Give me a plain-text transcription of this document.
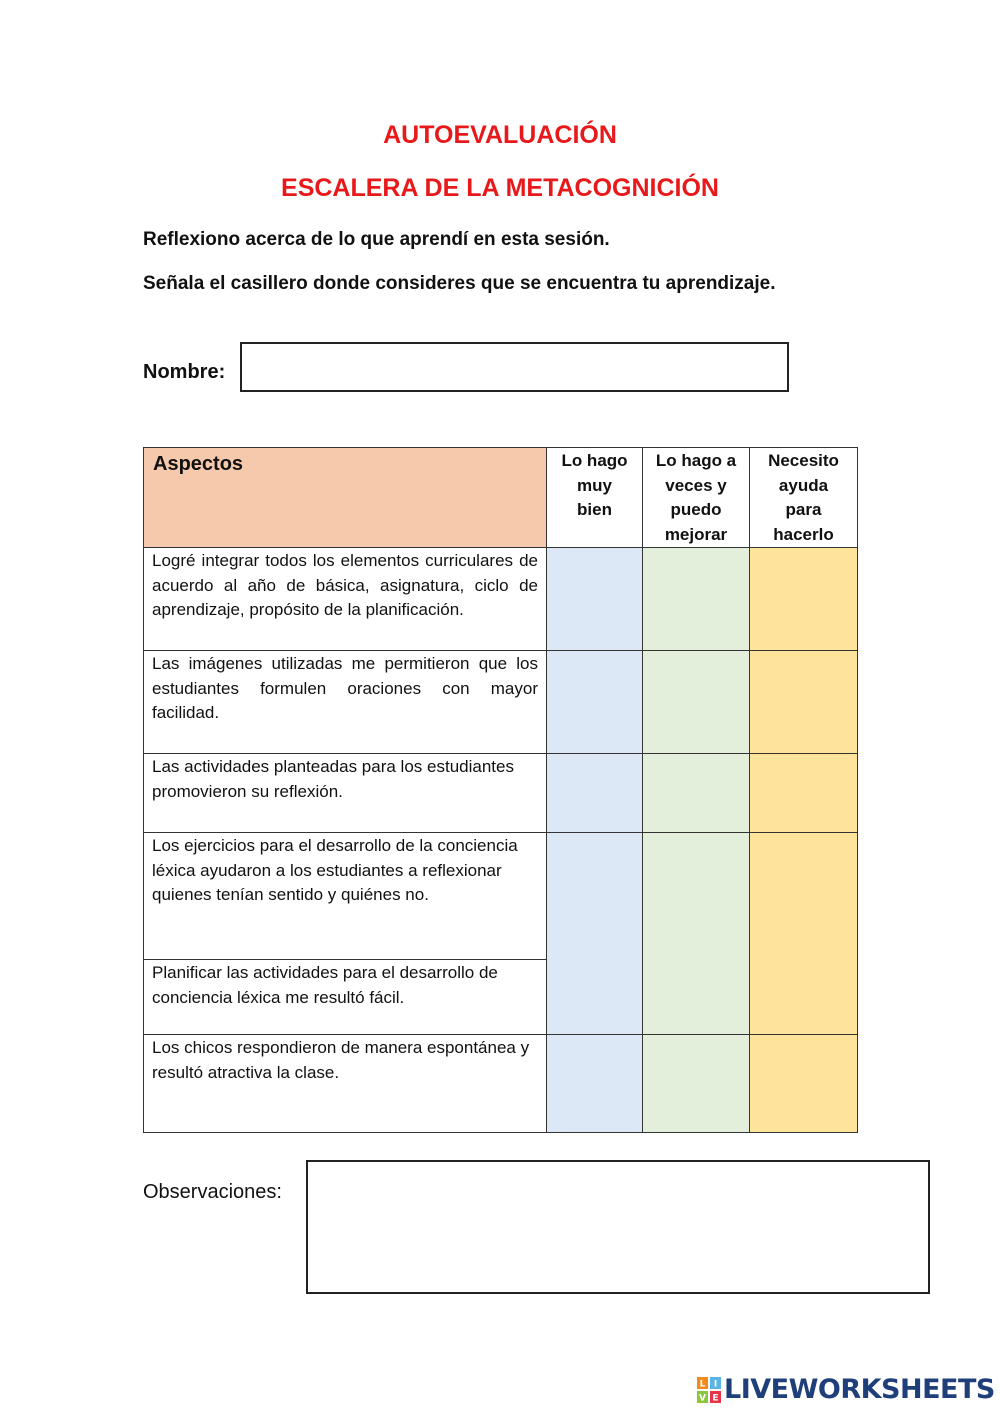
AUTOEVALUACIÓN
ESCALERA DE LA METACOGNICIÓN
Reflexiono acerca de lo que aprendí en esta sesión.
Señala el casillero donde consideres que se encuentra tu aprendizaje.
Nombre:
Aspectos	Lo hago muy bien	Lo hago a veces y puedo mejorar	Necesito ayuda para hacerlo

Logré integrar todos los elementos curriculares de acuerdo al año de básica, asignatura, ciclo de aprendizaje, propósito de la planificación.			
Las imágenes utilizadas me permitieron que los estudiantes formulen oraciones con mayor facilidad.			
Las actividades planteadas para los estudiantes promovieron su reflexión.			
Los ejercicios para el desarrollo de la conciencia léxica ayudaron a los estudiantes a reflexionar quienes tenían sentido y quiénes no.			
Planificar las actividades para el desarrollo de conciencia léxica me resultó fácil.			
Los chicos respondieron de manera espontánea y resultó atractiva la clase.			
Observaciones:
L I
V E LIVEWORKSHEETS
